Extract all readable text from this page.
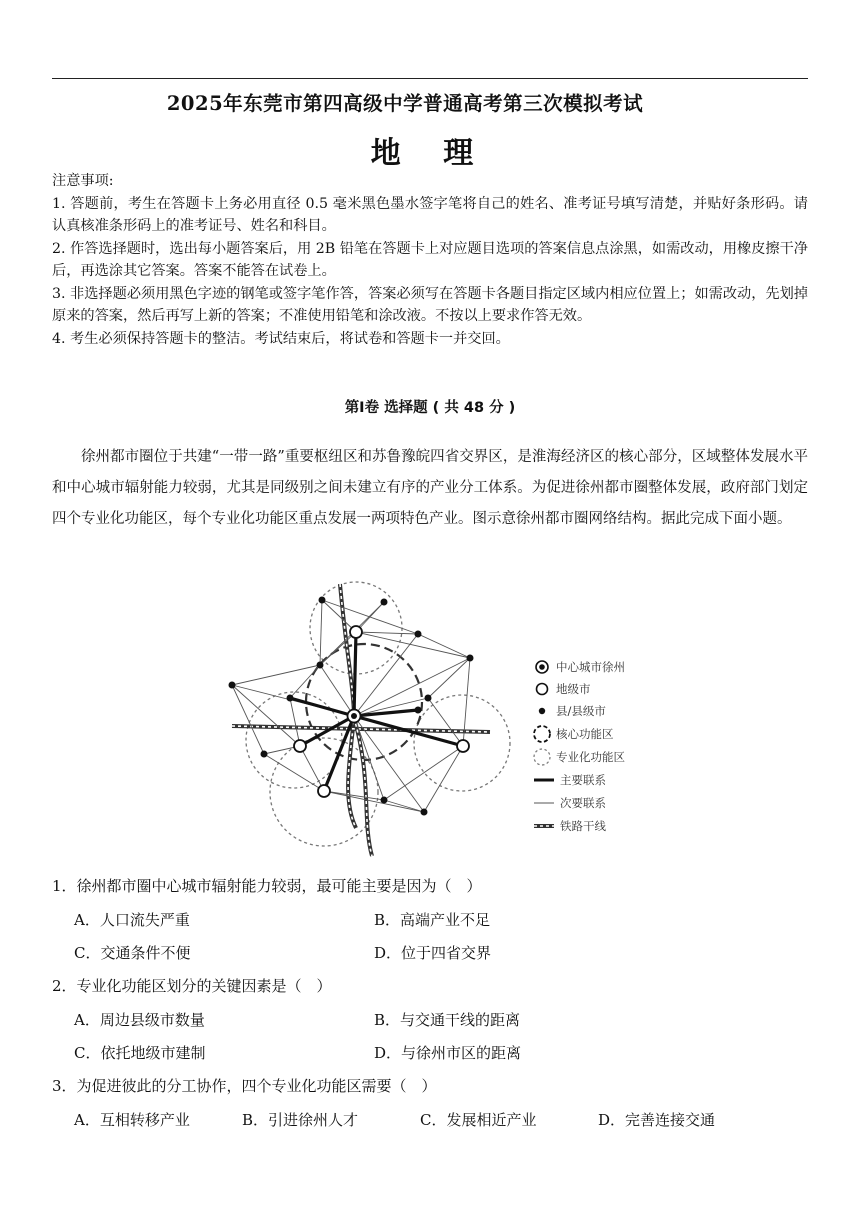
2025年东莞市第四高级中学普通高考第三次模拟考试
地 理

注意事项:

1. 答题前，考生在答题卡上务必用直径 0.5 毫米黑色墨水签字笔将自己的姓名、准考证号填写清楚，并贴好条形码。请认真核准条形码上的准考证号、姓名和科目。

2. 作答选择题时，选出每小题答案后，用 2B 铅笔在答题卡上对应题目选项的答案信息点涂黑，如需改动，用橡皮擦干净后，再选涂其它答案。答案不能答在试卷上。

3. 非选择题必须用黑色字迹的钢笔或签字笔作答，答案必须写在答题卡各题目指定区域内相应位置上；如需改动，先划掉原来的答案，然后再写上新的答案；不准使用铅笔和涂改液。不按以上要求作答无效。

4. 考生必须保持答题卡的整洁。考试结束后，将试卷和答题卡一并交回。

第Ⅰ卷 选择题 ( 共 48 分 )

徐州都市圈位于共建“一带一路”重要枢纽区和苏鲁豫皖四省交界区，是淮海经济区的核心部分，区域整体发展水平和中心城市辐射能力较弱，尤其是同级别之间未建立有序的产业分工体系。为促进徐州都市圈整体发展，政府部门划定四个专业化功能区，每个专业化功能区重点发展一两项特色产业。图示意徐州都市圈网络结构。据此完成下面小题。

中心城市徐州
地级市
县/县级市
核心功能区
专业化功能区
主要联系
次要联系
铁路干线
1．徐州都市圈中心城市辐射能力较弱，最可能主要是因为（　）
A．人口流失严重	B．高端产业不足
C．交通条件不便	D．位于四省交界
2．专业化功能区划分的关键因素是（　）
A．周边县级市数量	B．与交通干线的距离
C．依托地级市建制	D．与徐州市区的距离
3．为促进彼此的分工协作，四个专业化功能区需要（　）
A．互相转移产业	B．引进徐州人才	C．发展相近产业	D．完善连接交通
